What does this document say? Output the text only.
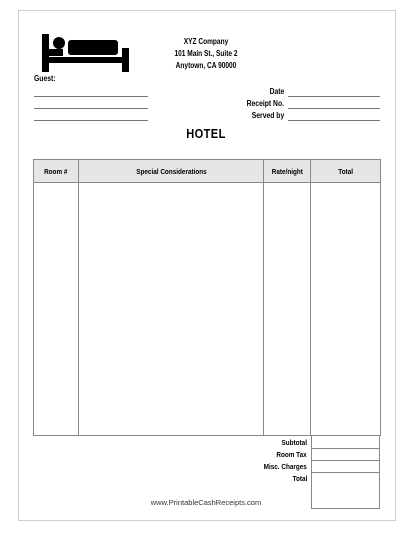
XYZ Company
101 Main St., Suite 2
Anytown, CA 90000
Guest:
Date
Receipt No.
Served by
HOTEL
Room #	Special Considerations	Rate/night	Total

Subtotal
Room Tax
Misc. Charges
Total
www.PrintableCashReceipts.com
